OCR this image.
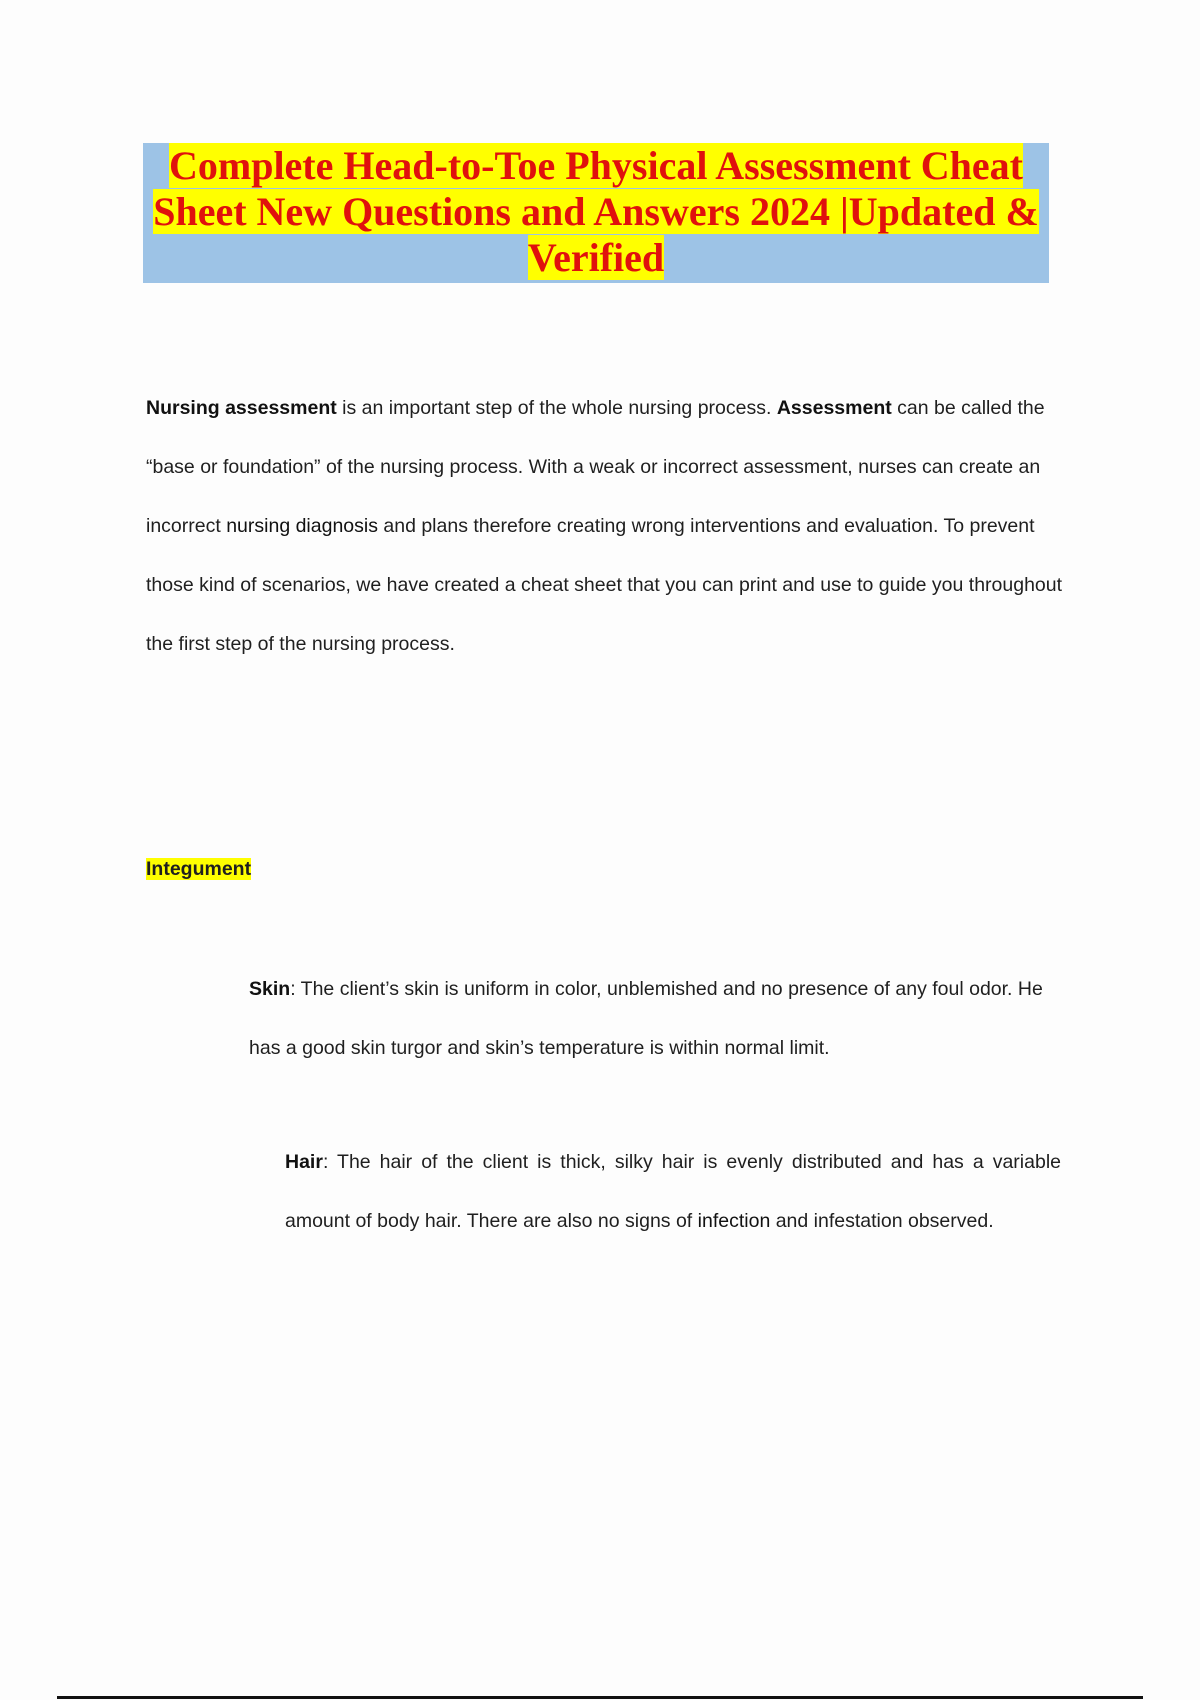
Complete Head-to-Toe Physical Assessment Cheat Sheet New Questions and Answers 2024 |Updated & Verified

Nursing assessment is an important step of the whole nursing process. Assessment can be called the “base or foundation” of the nursing process. With a weak or incorrect assessment, nurses can create an incorrect nursing diagnosis and plans therefore creating wrong interventions and evaluation. To prevent those kind of scenarios, we have created a cheat sheet that you can print and use to guide you throughout the first step of the nursing process.

Integument

Skin: The client’s skin is uniform in color, unblemished and no presence of any foul odor. He has a good skin turgor and skin’s temperature is within normal limit.

Hair: The hair of the client is thick, silky hair is evenly distributed and has a variable amount of body hair. There are also no signs of infection and infestation observed.
